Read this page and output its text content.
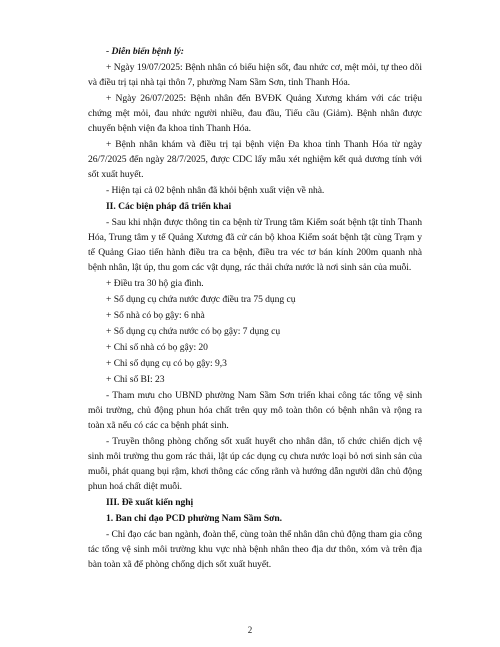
- Diễn biến bệnh lý:

+ Ngày 19/07/2025: Bệnh nhân có biểu hiện sốt, đau nhức cơ, mệt mỏi, tự theo dõi và điều trị tại nhà tại thôn 7, phường Nam Sầm Sơn, tỉnh Thanh Hóa.

+ Ngày 26/07/2025: Bệnh nhân đến BVĐK Quảng Xương khám với các triệu chứng mệt mỏi, đau nhức người nhiều, đau đầu, Tiểu cầu (Giảm). Bệnh nhân được chuyển bệnh viện đa khoa tỉnh Thanh Hóa.

+ Bệnh nhân khám và điều trị tại bệnh viện Đa khoa tỉnh Thanh Hóa từ ngày 26/7/2025 đến ngày 28/7/2025, được CDC lấy mẫu xét nghiệm kết quả dương tính với sốt xuất huyết.

- Hiện tại cả 02 bệnh nhân đã khỏi bệnh xuất viện về nhà.

II. Các biện pháp đã triển khai

- Sau khi nhận được thông tin ca bệnh từ Trung tâm Kiểm soát bệnh tật tỉnh Thanh Hóa, Trung tâm y tế Quảng Xương đã cử cán bộ khoa Kiểm soát bệnh tật cùng Trạm y tế Quảng Giao tiến hành điều tra ca bệnh, điều tra véc tơ bán kính 200m quanh nhà bệnh nhân, lật úp, thu gom các vật dụng, rác thải chứa nước là nơi sinh sản của muỗi.

+ Điều tra 30 hộ gia đình.

+ Số dụng cụ chứa nước được điều tra 75 dụng cụ

+ Số nhà có bọ gậy: 6 nhà

+ Số dụng cụ chứa nước có bọ gậy: 7 dụng cụ

+ Chỉ số nhà có bọ gậy: 20

+ Chỉ số dụng cụ có bọ gậy: 9,3

+ Chỉ số BI: 23

- Tham mưu cho UBND phường Nam Sầm Sơn triển khai công tác tổng vệ sinh môi trường, chủ động phun hóa chất trên quy mô toàn thôn có bệnh nhân và rộng ra toàn xã nếu có các ca bệnh phát sinh.

- Truyền thông phòng chống sốt xuất huyết cho nhân dân, tổ chức chiến dịch vệ sinh môi trường thu gom rác thải, lật úp các dụng cụ chưa nước loại bỏ nơi sinh sản của muỗi, phát quang bụi rậm, khơi thông các cống rãnh và hướng dẫn người dân chủ động phun hoá chất diệt muỗi.

III. Đề xuất kiến nghị

1. Ban chỉ đạo PCD phường Nam Sầm Sơn.

- Chỉ đạo các ban ngành, đoàn thể, cùng toàn thể nhân dân chủ động tham gia công tác tổng vệ sinh môi trường khu vực nhà bệnh nhân theo địa dư thôn, xóm và trên địa bàn toàn xã để phòng chống dịch sốt xuất huyết.

2
